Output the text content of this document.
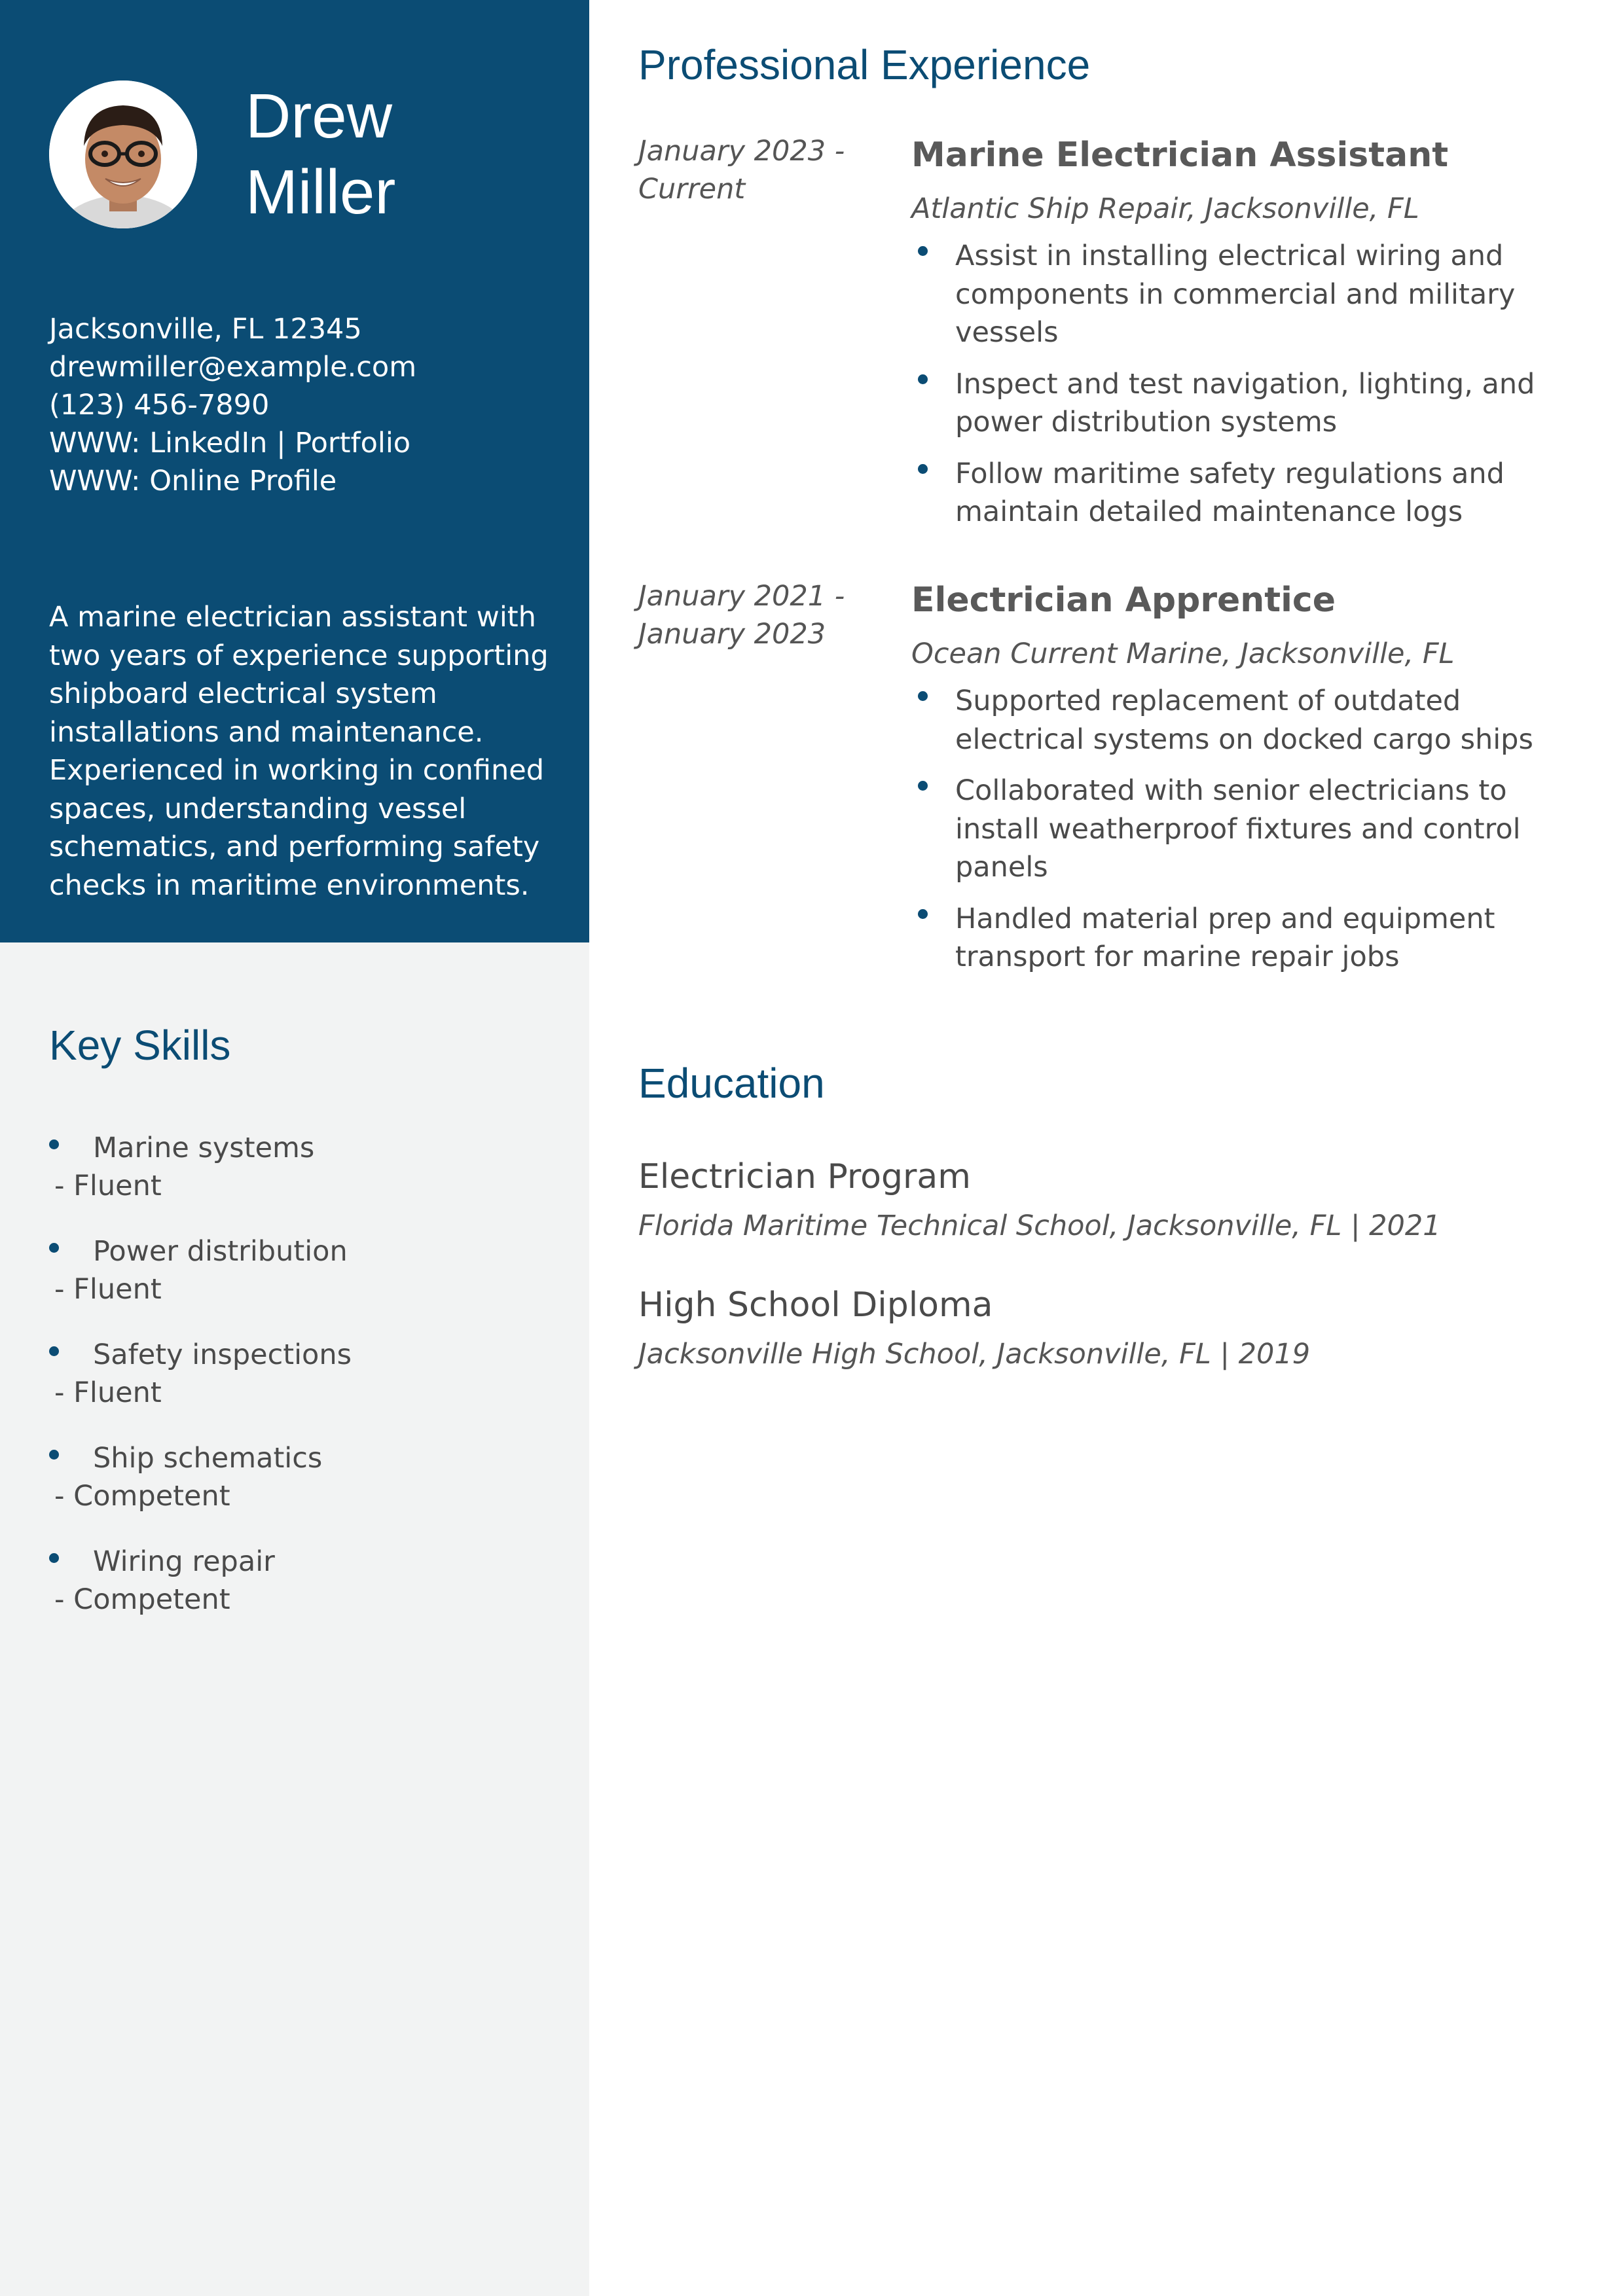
Drew
Miller
Jacksonville, FL 12345
drewmiller@example.com
(123) 456-7890
WWW: LinkedIn | Portfolio
WWW: Online Profile

A marine electrician assistant with two years of experience supporting shipboard electrical system installations and maintenance. Experienced in working in confined spaces, understanding vessel schematics, and performing safety checks in maritime environments.

Key Skills
Marine systems
- Fluent
Power distribution
- Fluent
Safety inspections
- Fluent
Ship schematics
- Competent
Wiring repair
- Competent
Professional Experience
January 2023 -
Current
Marine Electrician Assistant
Atlantic Ship Repair, Jacksonville, FL
Assist in installing electrical wiring and components in commercial and military vessels
Inspect and test navigation, lighting, and power distribution systems
Follow maritime safety regulations and maintain detailed maintenance logs
January 2021 -
January 2023
Electrician Apprentice
Ocean Current Marine, Jacksonville, FL
Supported replacement of outdated electrical systems on docked cargo ships
Collaborated with senior electricians to install weatherproof fixtures and control panels
Handled material prep and equipment transport for marine repair jobs
Education
Electrician Program
Florida Maritime Technical School, Jacksonville, FL | 2021
High School Diploma
Jacksonville High School, Jacksonville, FL | 2019
